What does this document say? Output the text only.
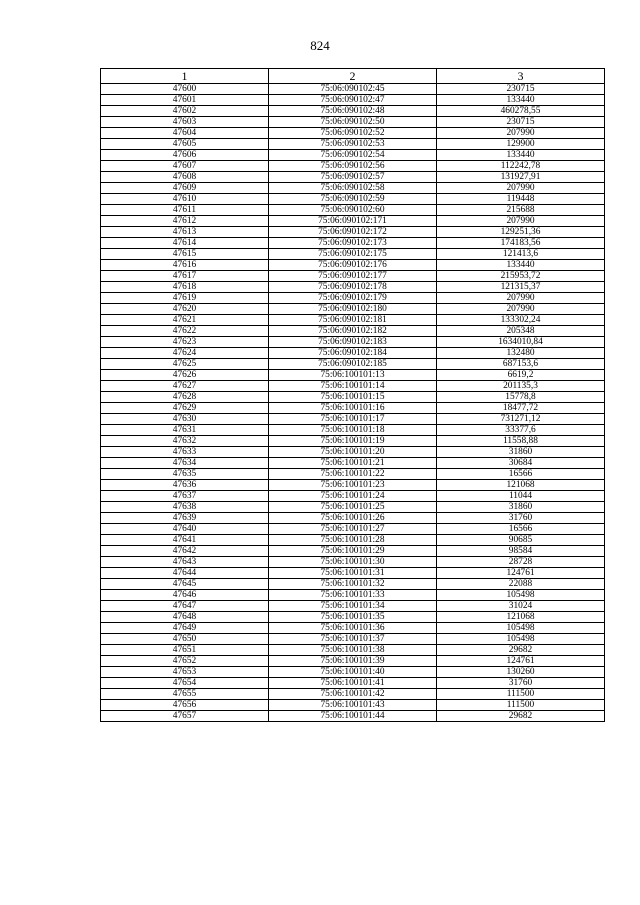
824
1	2	3
47600	75:06:090102:45	230715
47601	75:06:090102:47	133440
47602	75:06:090102:48	460278,55
47603	75:06:090102:50	230715
47604	75:06:090102:52	207990
47605	75:06:090102:53	129900
47606	75:06:090102:54	133440
47607	75:06:090102:56	112242,78
47608	75:06:090102:57	131927,91
47609	75:06:090102:58	207990
47610	75:06:090102:59	119448
47611	75:06:090102:60	215688
47612	75:06:090102:171	207990
47613	75:06:090102:172	129251,36
47614	75:06:090102:173	174183,56
47615	75:06:090102:175	121413,6
47616	75:06:090102:176	133440
47617	75:06:090102:177	215953,72
47618	75:06:090102:178	121315,37
47619	75:06:090102:179	207990
47620	75:06:090102:180	207990
47621	75:06:090102:181	133302,24
47622	75:06:090102:182	205348
47623	75:06:090102:183	1634010,84
47624	75:06:090102:184	132480
47625	75:06:090102:185	687153,6
47626	75:06:100101:13	6619,2
47627	75:06:100101:14	201135,3
47628	75:06:100101:15	15778,8
47629	75:06:100101:16	18477,72
47630	75:06:100101:17	731271,12
47631	75:06:100101:18	33377,6
47632	75:06:100101:19	11558,88
47633	75:06:100101:20	31860
47634	75:06:100101:21	30684
47635	75:06:100101:22	16566
47636	75:06:100101:23	121068
47637	75:06:100101:24	11044
47638	75:06:100101:25	31860
47639	75:06:100101:26	31760
47640	75:06:100101:27	16566
47641	75:06:100101:28	90685
47642	75:06:100101:29	98584
47643	75:06:100101:30	28728
47644	75:06:100101:31	124761
47645	75:06:100101:32	22088
47646	75:06:100101:33	105498
47647	75:06:100101:34	31024
47648	75:06:100101:35	121068
47649	75:06:100101:36	105498
47650	75:06:100101:37	105498
47651	75:06:100101:38	29682
47652	75:06:100101:39	124761
47653	75:06:100101:40	130260
47654	75:06:100101:41	31760
47655	75:06:100101:42	111500
47656	75:06:100101:43	111500
47657	75:06:100101:44	29682
